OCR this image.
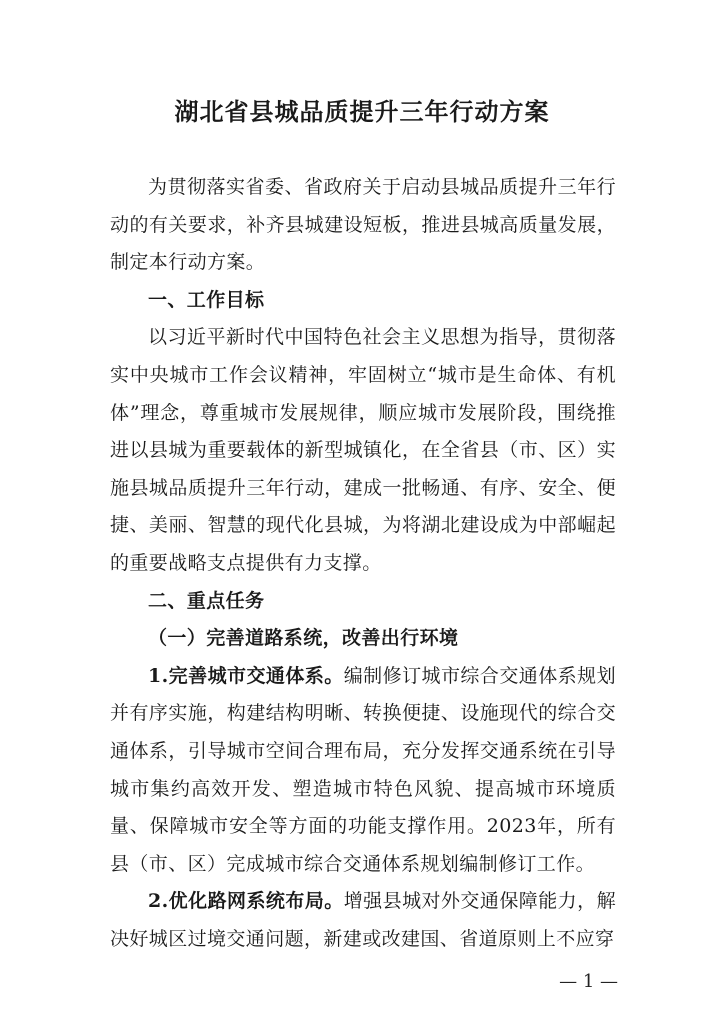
湖北省县城品质提升三年行动方案

为贯彻落实省委、省政府关于启动县城品质提升三年行动的有关要求，补齐县城建设短板，推进县城高质量发展，制定本行动方案。

一、工作目标

以习近平新时代中国特色社会主义思想为指导，贯彻落实中央城市工作会议精神，牢固树立“城市是生命体、有机体”理念，尊重城市发展规律，顺应城市发展阶段，围绕推进以县城为重要载体的新型城镇化，在全省县（市、区）实施县城品质提升三年行动，建成一批畅通、有序、安全、便捷、美丽、智慧的现代化县城，为将湖北建设成为中部崛起的重要战略支点提供有力支撑。

二、重点任务

（一）完善道路系统，改善出行环境

1.完善城市交通体系。编制修订城市综合交通体系规划并有序实施，构建结构明晰、转换便捷、设施现代的综合交通体系，引导城市空间合理布局，充分发挥交通系统在引导城市集约高效开发、塑造城市特色风貌、提高城市环境质量、保障城市安全等方面的功能支撑作用。2023年，所有县（市、区）完成城市综合交通体系规划编制修订工作。

2.优化路网系统布局。增强县城对外交通保障能力，解决好城区过境交通问题，新建或改建国、省道原则上不应穿

— 1 —
